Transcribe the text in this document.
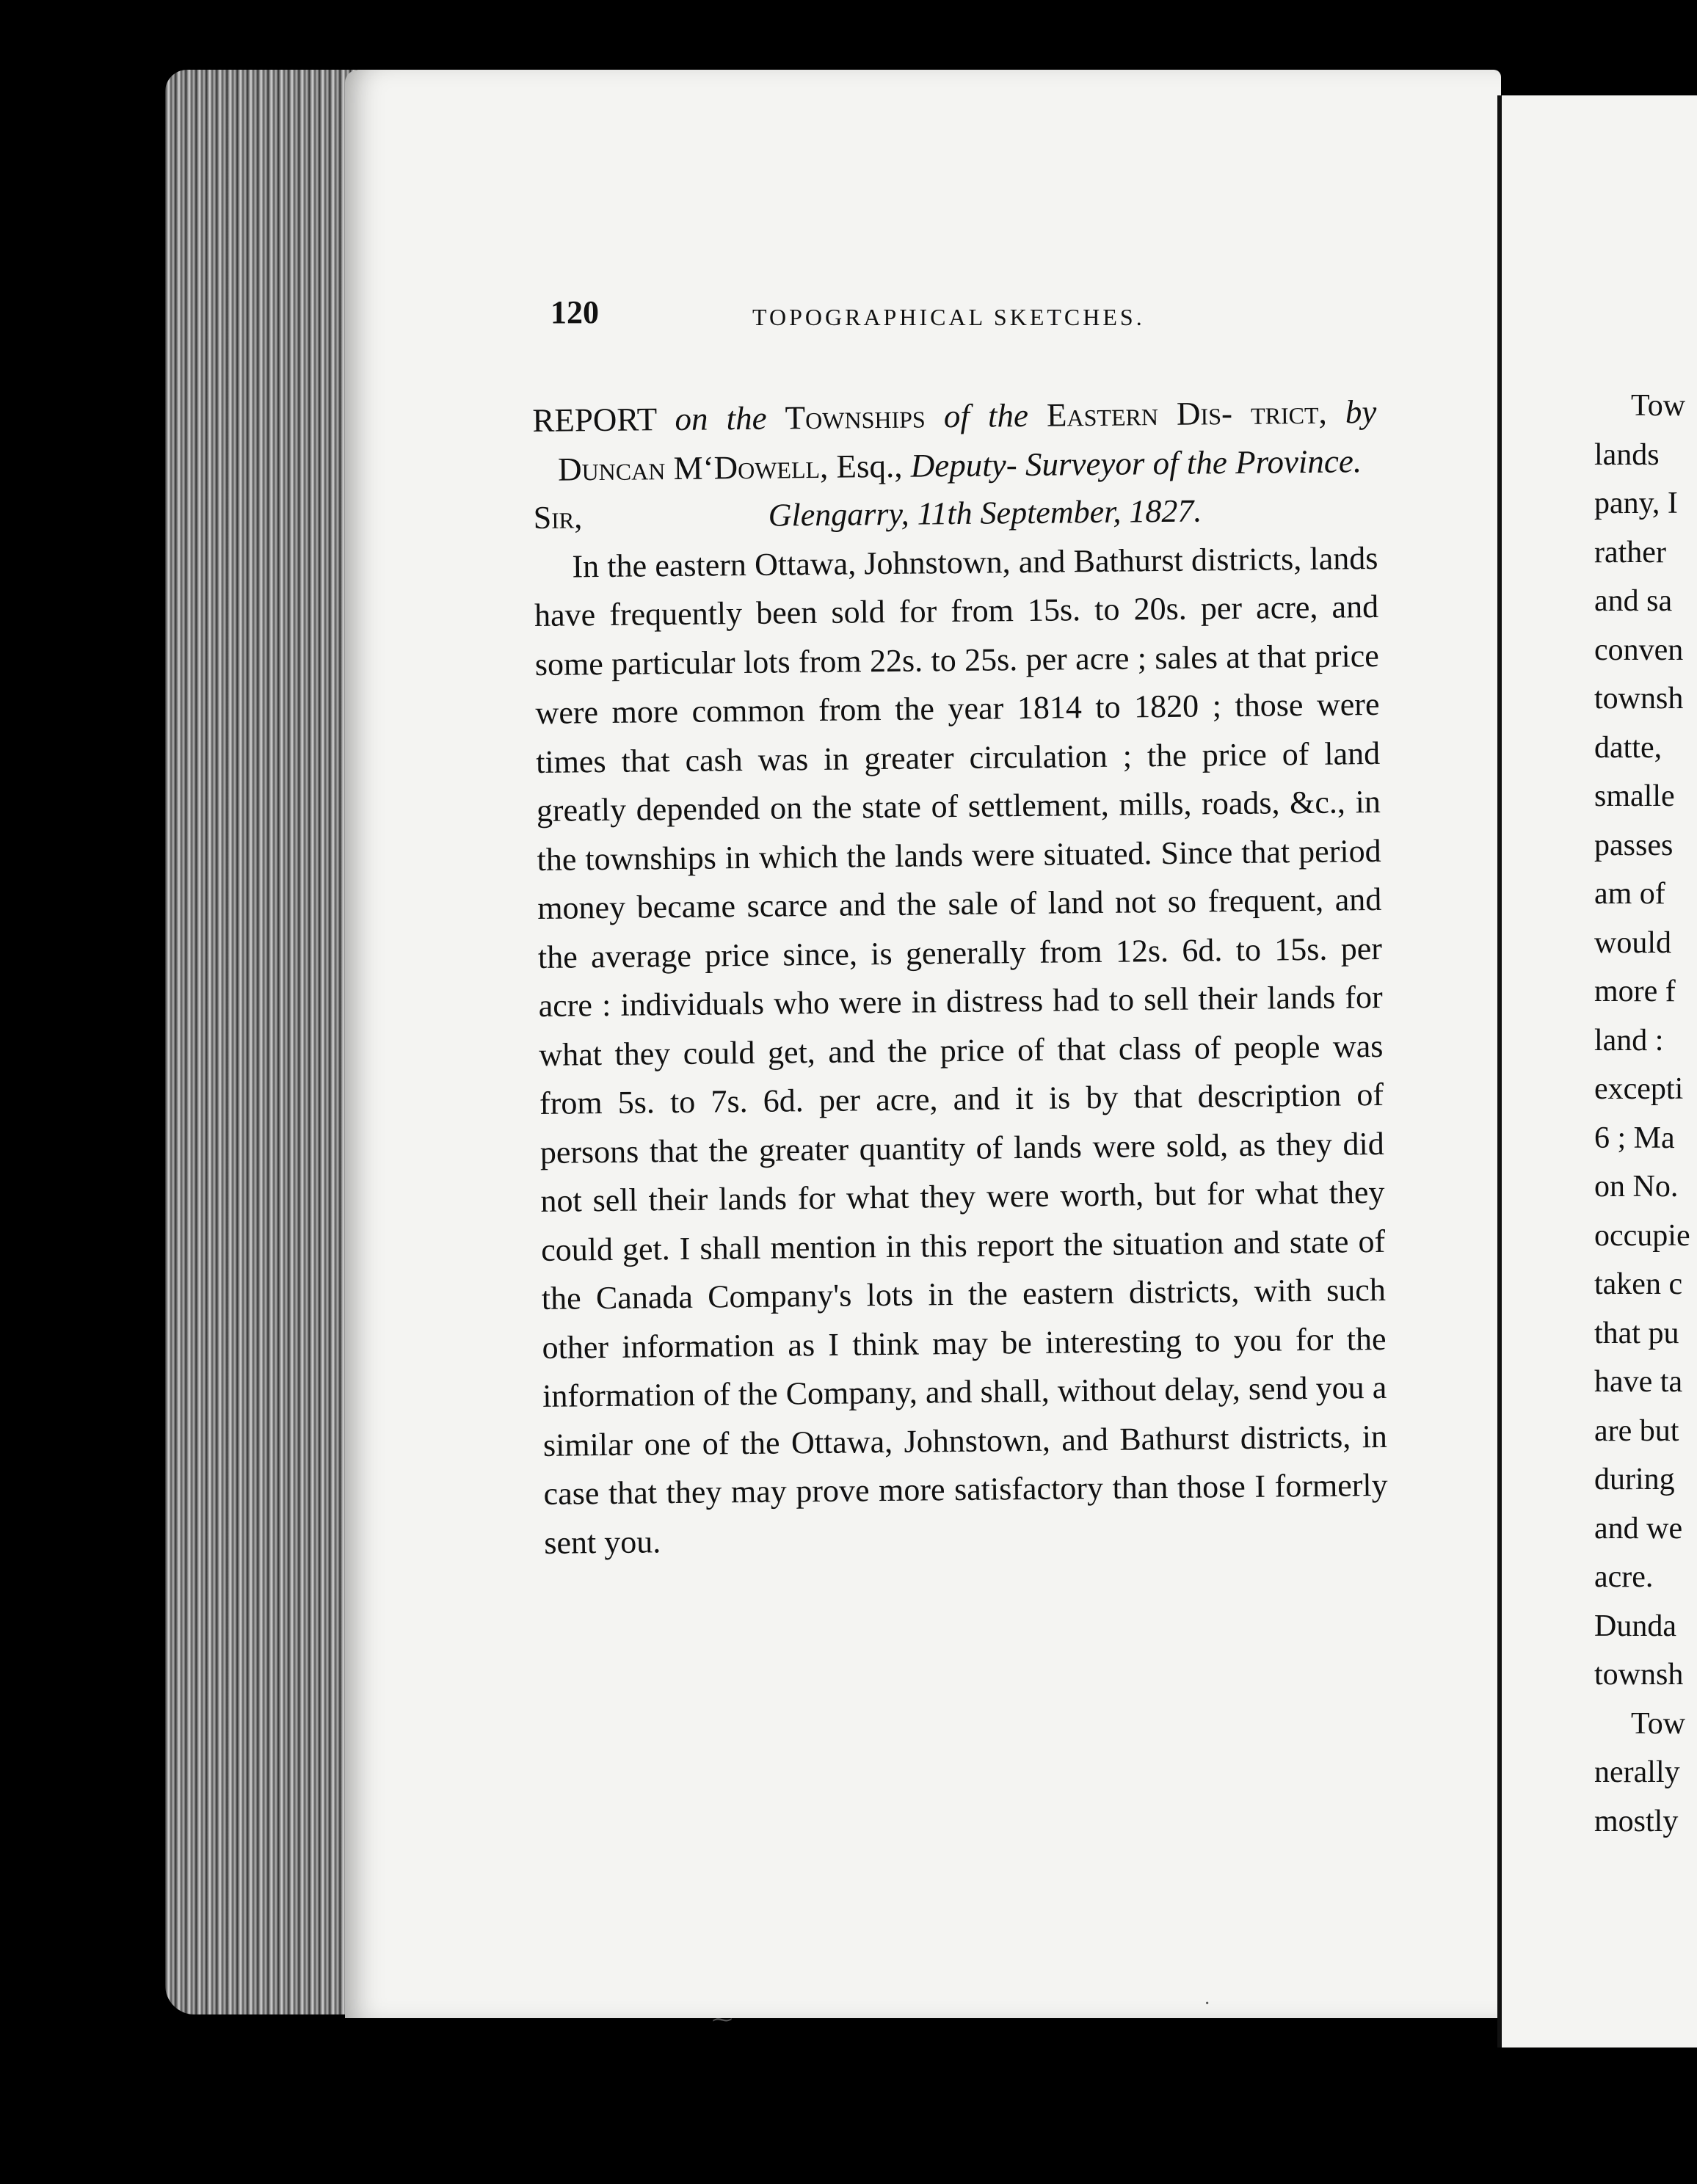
120	TOPOGRAPHICAL SKETCHES.

REPORT on the Townships of the Eastern Dis- trict, by Duncan M‘Dowell, Esq., Deputy- Surveyor of the Province.

Sir,	Glengarry, 11th September, 1827.

In the eastern Ottawa, Johnstown, and Bathurst districts, lands have frequently been sold for from 15s. to 20s. per acre, and some particular lots from 22s. to 25s. per acre ; sales at that price were more common from the year 1814 to 1820 ; those were times that cash was in greater circulation ; the price of land greatly depended on the state of settlement, mills, roads, &c., in the townships in which the lands were situated. Since that period money became scarce and the sale of land not so frequent, and the average price since, is generally from 12s. 6d. to 15s. per acre : individuals who were in distress had to sell their lands for what they could get, and the price of that class of people was from 5s. to 7s. 6d. per acre, and it is by that description of persons that the greater quantity of lands were sold, as they did not sell their lands for what they were worth, but for what they could get. I shall mention in this report the situation and state of the Canada Company's lots in the eastern districts, with such other information as I think may be interesting to you for the information of the Company, and shall, without delay, send you a similar one of the Ottawa, Johnstown, and Bathurst districts, in case that they may prove more satisfactory than those I formerly sent you.

Tow
lands
pany, I
rather
and sa
conven
townsh
datte,
smalle
passes
am of
would
more f
land :
excepti
6 ; Ma
on No.
occupie
taken c
that pu
have ta
are but
during
and we
acre.
Dunda
townsh
Tow
nerally
mostly
⁓
·
